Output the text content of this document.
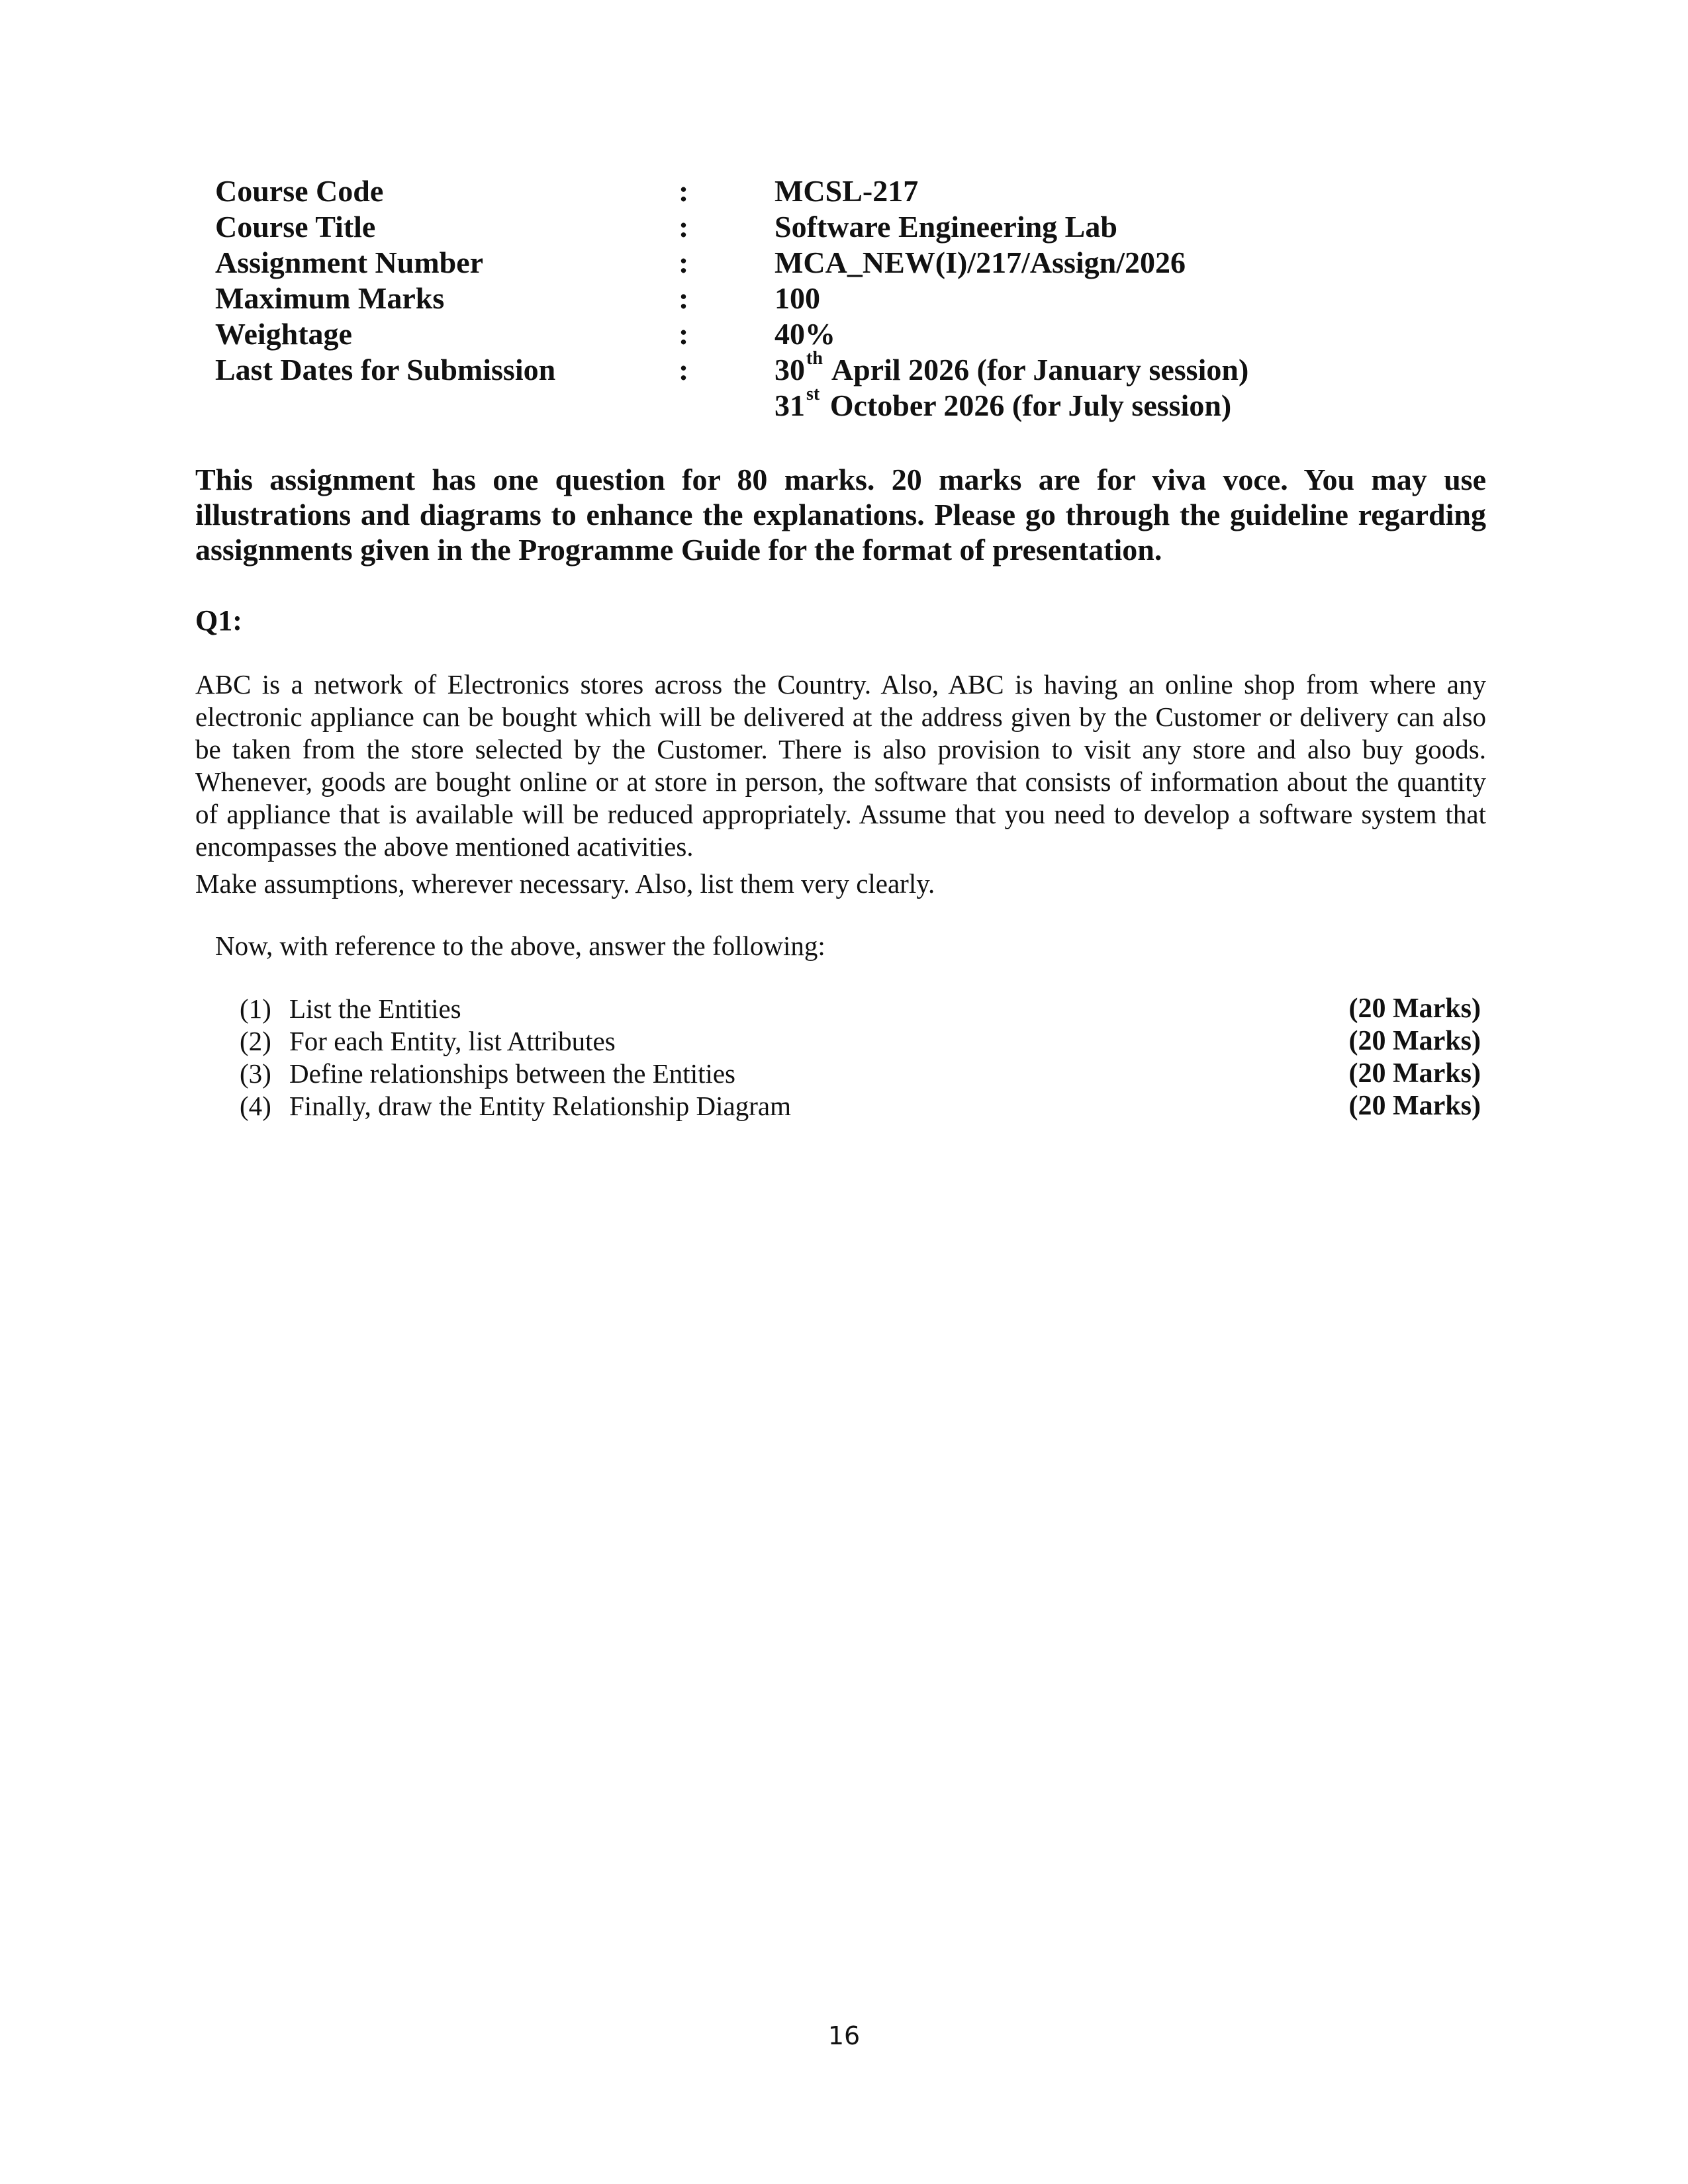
Course Code	:	MCSL-217
Course Title	:	Software Engineering Lab
Assignment Number	:	MCA_NEW(I)/217/Assign/2026
Maximum Marks	:	100
Weightage	:	40%
Last Dates for Submission	:	30th April 2026 (for January session)
31st October 2026 (for July session)
This assignment has one question for 80 marks. 20 marks are for viva voce. You may use illustrations and diagrams to enhance the explanations. Please go through the guideline regarding assignments given in the Programme Guide for the format of presentation.
Q1:
ABC is a network of Electronics stores across the Country. Also, ABC is having an online shop from where any electronic appliance can be bought which will be delivered at the address given by the Customer or delivery can also be taken from the store selected by the Customer. There is also provision to visit any store and also buy goods. Whenever, goods are bought online or at store in person, the software that consists of information about the quantity of appliance that is available will be reduced appropriately. Assume that you need to develop a software system that encompasses the above mentioned acativities.
Make assumptions, wherever necessary. Also, list them very clearly.
Now, with reference to the above, answer the following:
(1) List the Entities	(20 Marks)
(2) For each Entity, list Attributes	(20 Marks)
(3) Define relationships between the Entities	(20 Marks)
(4) Finally, draw the Entity Relationship Diagram	(20 Marks)
16
